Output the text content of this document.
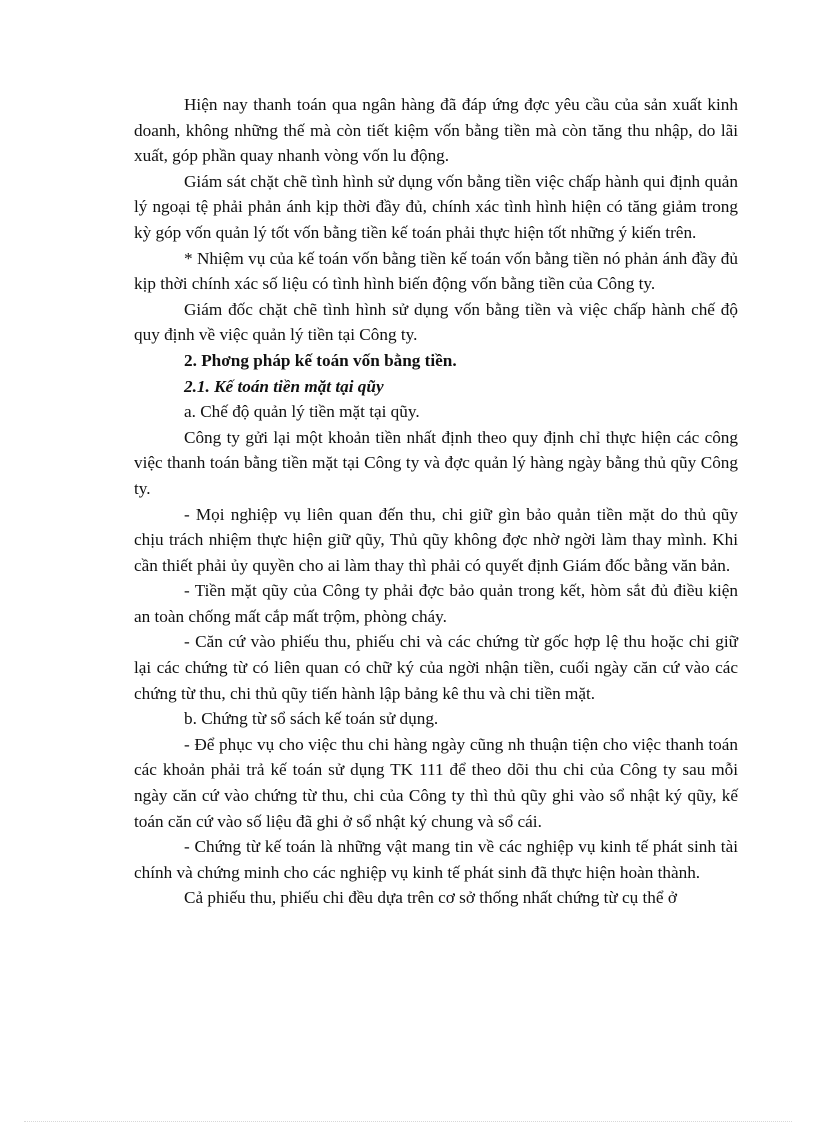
Hiện nay thanh toán qua ngân hàng đã đáp ứng đợc yêu cầu của sản xuất kinh doanh, không những thế mà còn tiết kiệm vốn bằng tiền mà còn tăng thu nhập, do lãi xuất, góp phần quay nhanh vòng vốn lu động.

Giám sát chặt chẽ tình hình sử dụng vốn bằng tiền việc chấp hành qui định quản lý ngoại tệ phải phản ánh kịp thời đầy đủ, chính xác tình hình hiện có tăng giảm trong kỳ góp vốn quản lý tốt vốn bằng tiền kế toán phải thực hiện tốt những ý kiến trên.

* Nhiệm vụ của kế toán vốn bằng tiền kế toán vốn bằng tiền nó phản ánh đầy đủ kịp thời chính xác số liệu có tình hình biến động vốn bằng tiền của Công ty.

Giám đốc chặt chẽ tình hình sử dụng vốn bằng tiền và việc chấp hành chế độ quy định về việc quản lý tiền tại Công ty.

2. Phơng pháp kế toán vốn bằng tiền.

2.1. Kế toán tiền mặt tại qũy

a. Chế độ quản lý tiền mặt tại qũy.

Công ty gửi lại một khoản tiền nhất định theo quy định chỉ thực hiện các công việc thanh toán bằng tiền mặt tại Công ty và đợc quản lý hàng ngày bằng thủ qũy Công ty.

- Mọi nghiệp vụ liên quan đến thu, chi giữ gìn bảo quản tiền mặt do thủ qũy chịu trách nhiệm thực hiện giữ qũy, Thủ qũy không đợc nhờ ngời làm thay mình. Khi cần thiết phải ủy quyền cho ai làm thay thì phải có quyết định Giám đốc bằng văn bản.

- Tiền mặt qũy của Công ty phải đợc bảo quản trong kết, hòm sắt đủ điều kiện an toàn chống mất cắp mất trộm, phòng cháy.

- Căn cứ vào phiếu thu, phiếu chi và các chứng từ gốc hợp lệ thu hoặc chi giữ lại các chứng từ có liên quan có chữ ký của ngời nhận tiền, cuối ngày căn cứ vào các chứng từ thu, chi thủ qũy tiến hành lập bảng kê thu và chi tiền mặt.

b. Chứng từ sổ sách kế toán sử dụng.

- Để phục vụ cho việc thu chi hàng ngày cũng nh thuận tiện cho việc thanh toán các khoản phải trả kế toán sử dụng TK 111 để theo dõi thu chi của Công ty sau mỗi ngày căn cứ vào chứng từ thu, chi của Công ty thì thủ qũy ghi vào sổ nhật ký qũy, kế toán căn cứ vào số liệu đã ghi ở sổ nhật ký chung và sổ cái.

- Chứng từ kế toán là những vật mang tin về các nghiệp vụ kinh tế phát sinh tài chính và chứng minh cho các nghiệp vụ kinh tế phát sinh đã thực hiện hoàn thành.

Cả phiếu thu, phiếu chi đều dựa trên cơ sở thống nhất chứng từ cụ thể ở
